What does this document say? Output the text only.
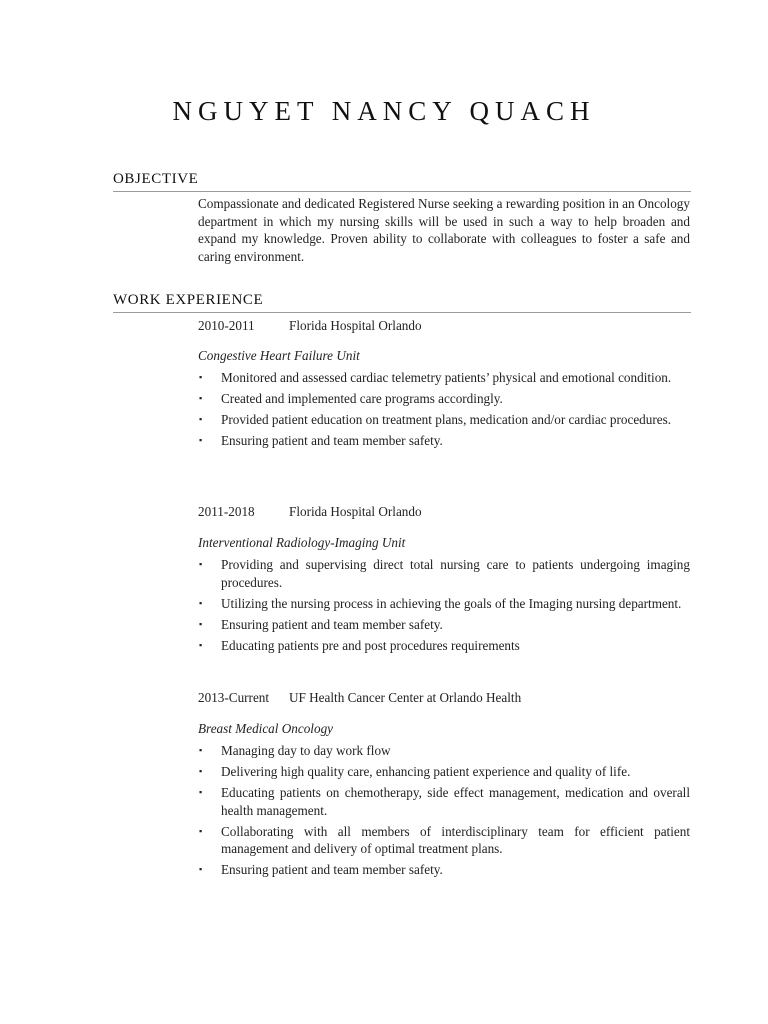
NGUYET NANCY QUACH
OBJECTIVE
Compassionate and dedicated Registered Nurse seeking a rewarding position in an Oncology department in which my nursing skills will be used in such a way to help broaden and expand my knowledge. Proven ability to collaborate with colleagues to foster a safe and caring environment.
WORK EXPERIENCE
2010-2011	Florida Hospital Orlando
Congestive Heart Failure Unit
▪ Monitored and assessed cardiac telemetry patients’ physical and emotional condition.
▪ Created and implemented care programs accordingly.
▪ Provided patient education on treatment plans, medication and/or cardiac procedures.
▪ Ensuring patient and team member safety.
2011-2018	Florida Hospital Orlando
Interventional Radiology-Imaging Unit
▪ Providing and supervising direct total nursing care to patients undergoing imaging procedures.
▪ Utilizing the nursing process in achieving the goals of the Imaging nursing department.
▪ Ensuring patient and team member safety.
▪ Educating patients pre and post procedures requirements
2013-Current UF Health Cancer Center at Orlando Health
Breast Medical Oncology
▪ Managing day to day work flow
▪ Delivering high quality care, enhancing patient experience and quality of life.
▪ Educating patients on chemotherapy, side effect management, medication and overall health management.
▪ Collaborating with all members of interdisciplinary team for efficient patient management and delivery of optimal treatment plans.
▪ Ensuring patient and team member safety.
